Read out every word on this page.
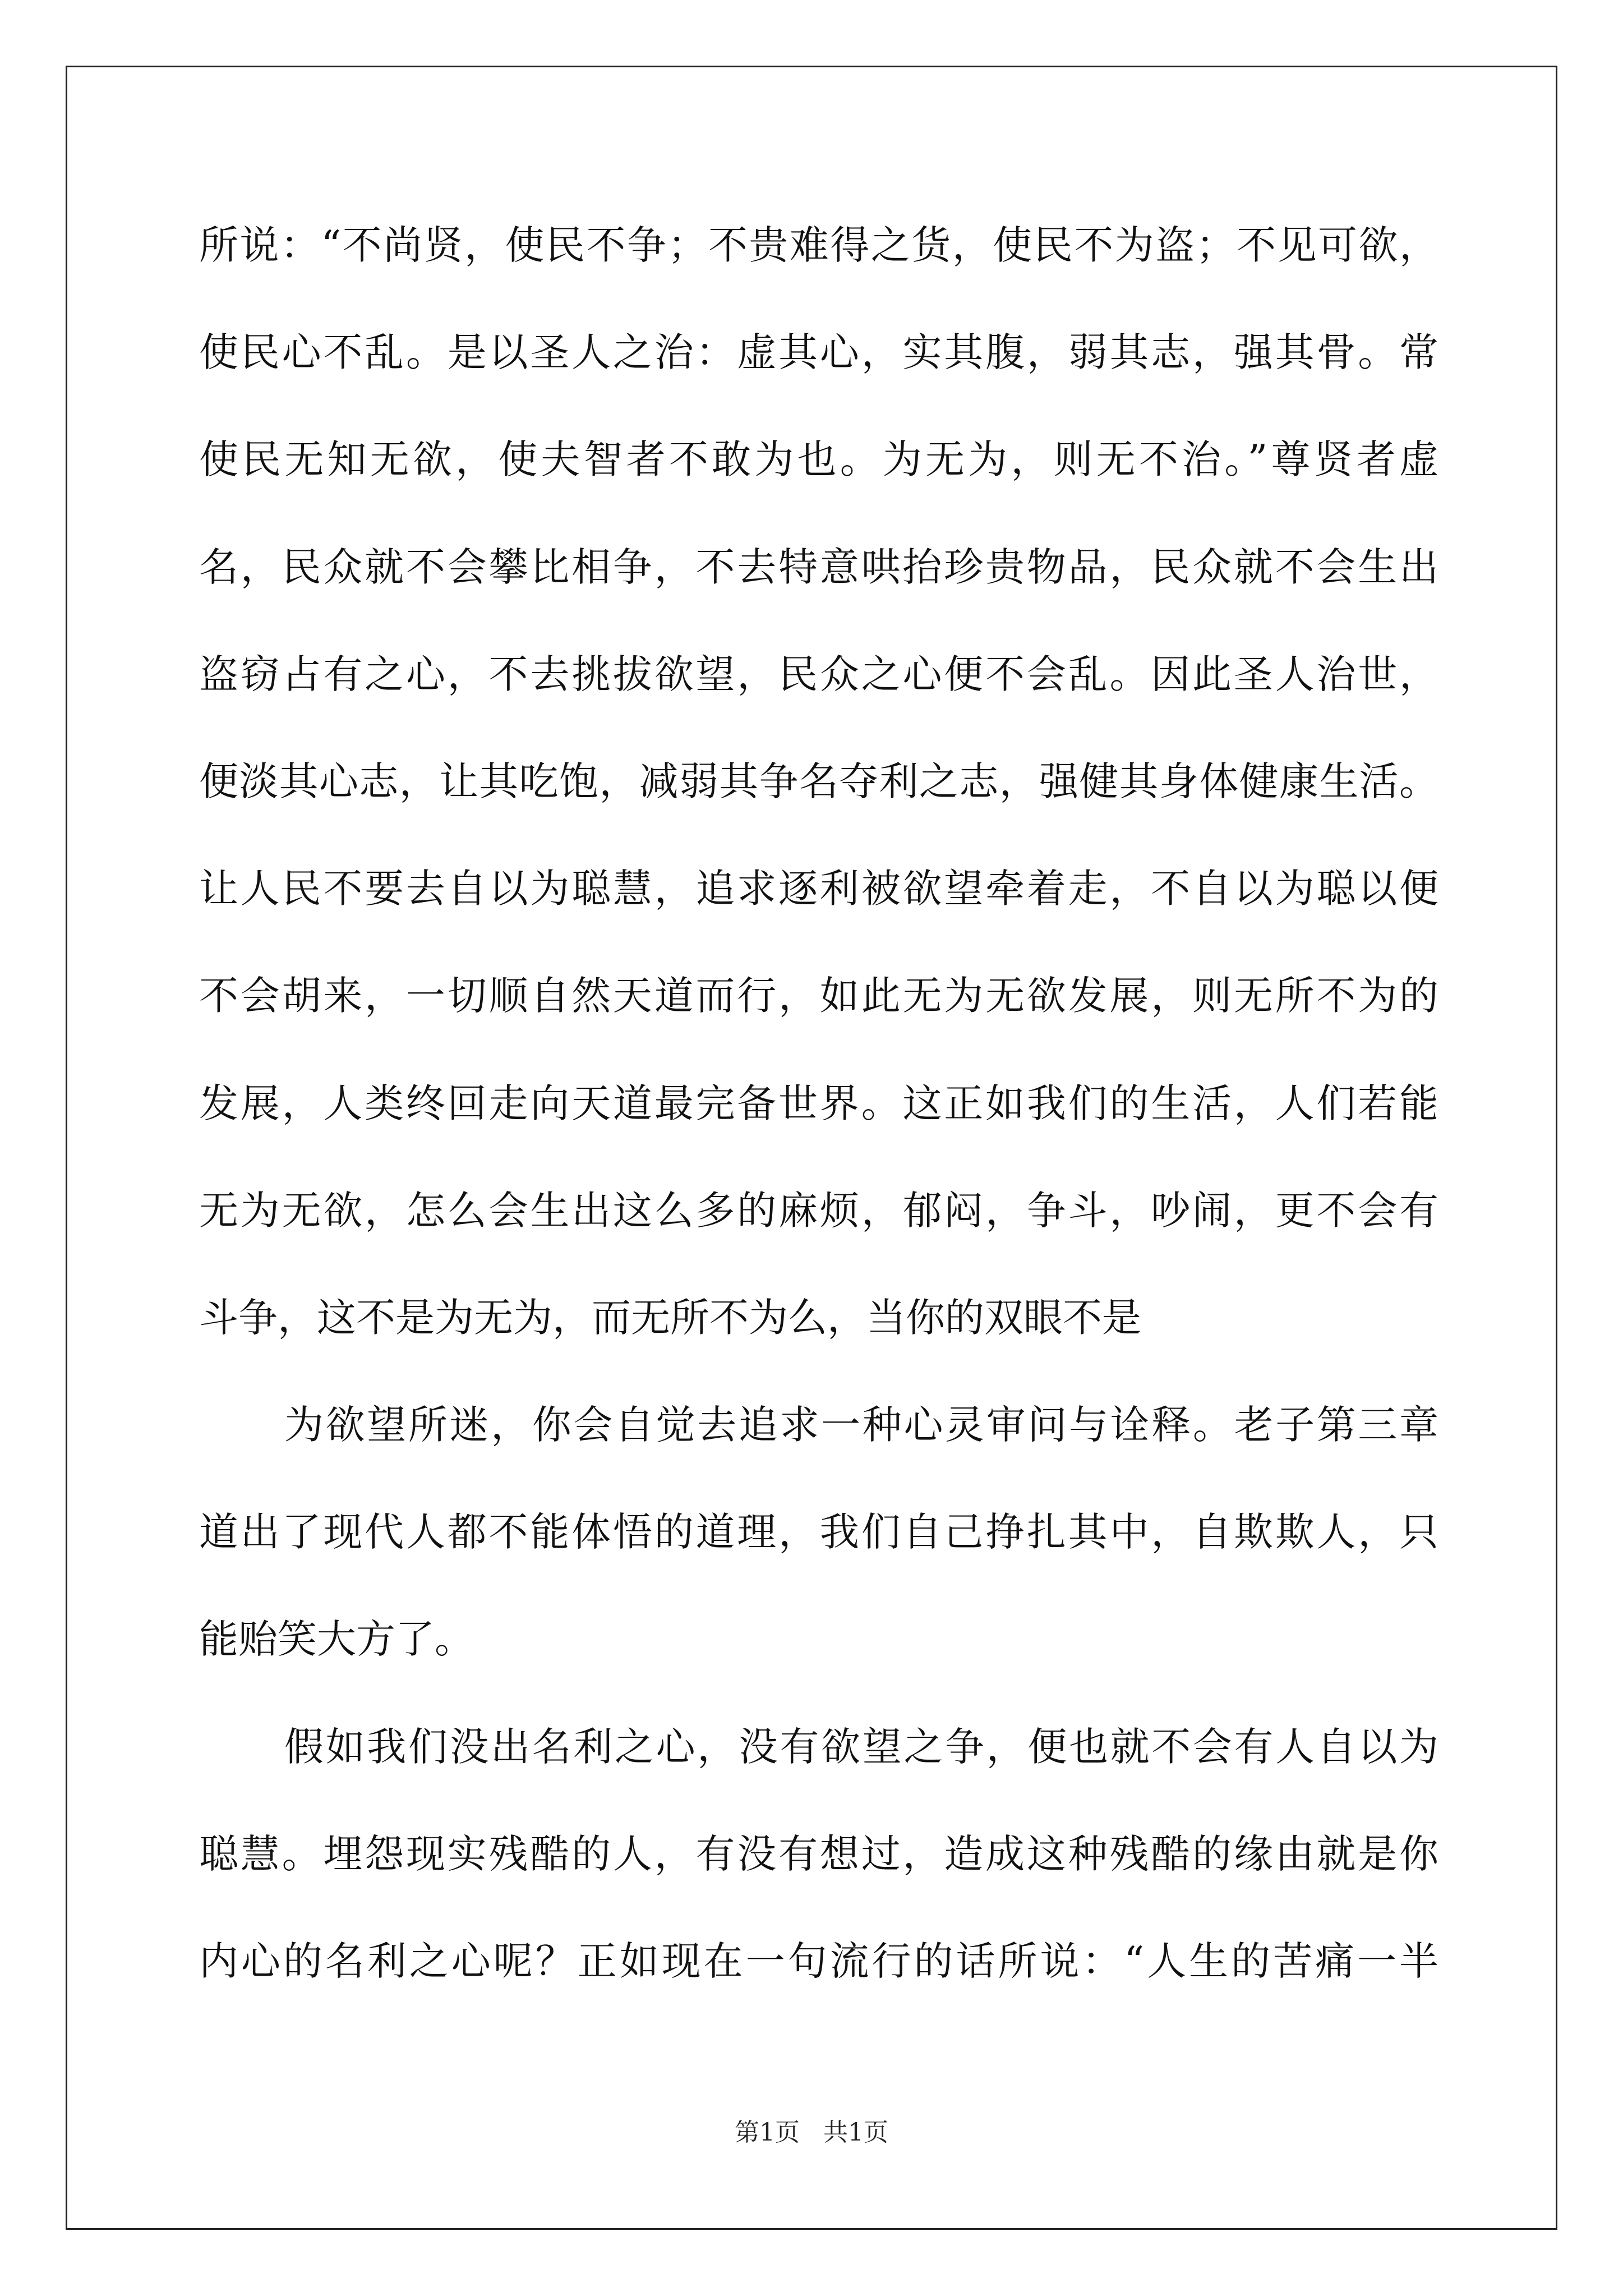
所说：“不尚贤，使民不争；不贵难得之货，使民不为盗；不见可欲，
使民心不乱。是以圣人之治：虚其心，实其腹，弱其志，强其骨。常
使民无知无欲，使夫智者不敢为也。为无为，则无不治。”尊贤者虚
名，民众就不会攀比相争，不去特意哄抬珍贵物品，民众就不会生出
盗窃占有之心，不去挑拔欲望，民众之心便不会乱。因此圣人治世，
便淡其心志，让其吃饱，减弱其争名夺利之志，强健其身体健康生活。
让人民不要去自以为聪慧，追求逐利被欲望牵着走，不自以为聪以便
不会胡来，一切顺自然天道而行，如此无为无欲发展，则无所不为的
发展，人类终回走向天道最完备世界。这正如我们的生活，人们若能
无为无欲，怎么会生出这么多的麻烦，郁闷，争斗，吵闹，更不会有
斗争，这不是为无为，而无所不为么，当你的双眼不是
为欲望所迷，你会自觉去追求一种心灵审问与诠释。老子第三章
道出了现代人都不能体悟的道理，我们自己挣扎其中，自欺欺人，只
能贻笑大方了。
假如我们没出名利之心，没有欲望之争，便也就不会有人自以为
聪慧。埋怨现实残酷的人，有没有想过，造成这种残酷的缘由就是你
内心的名利之心呢？正如现在一句流行的话所说：“人生的苦痛一半
第1页   共1页
